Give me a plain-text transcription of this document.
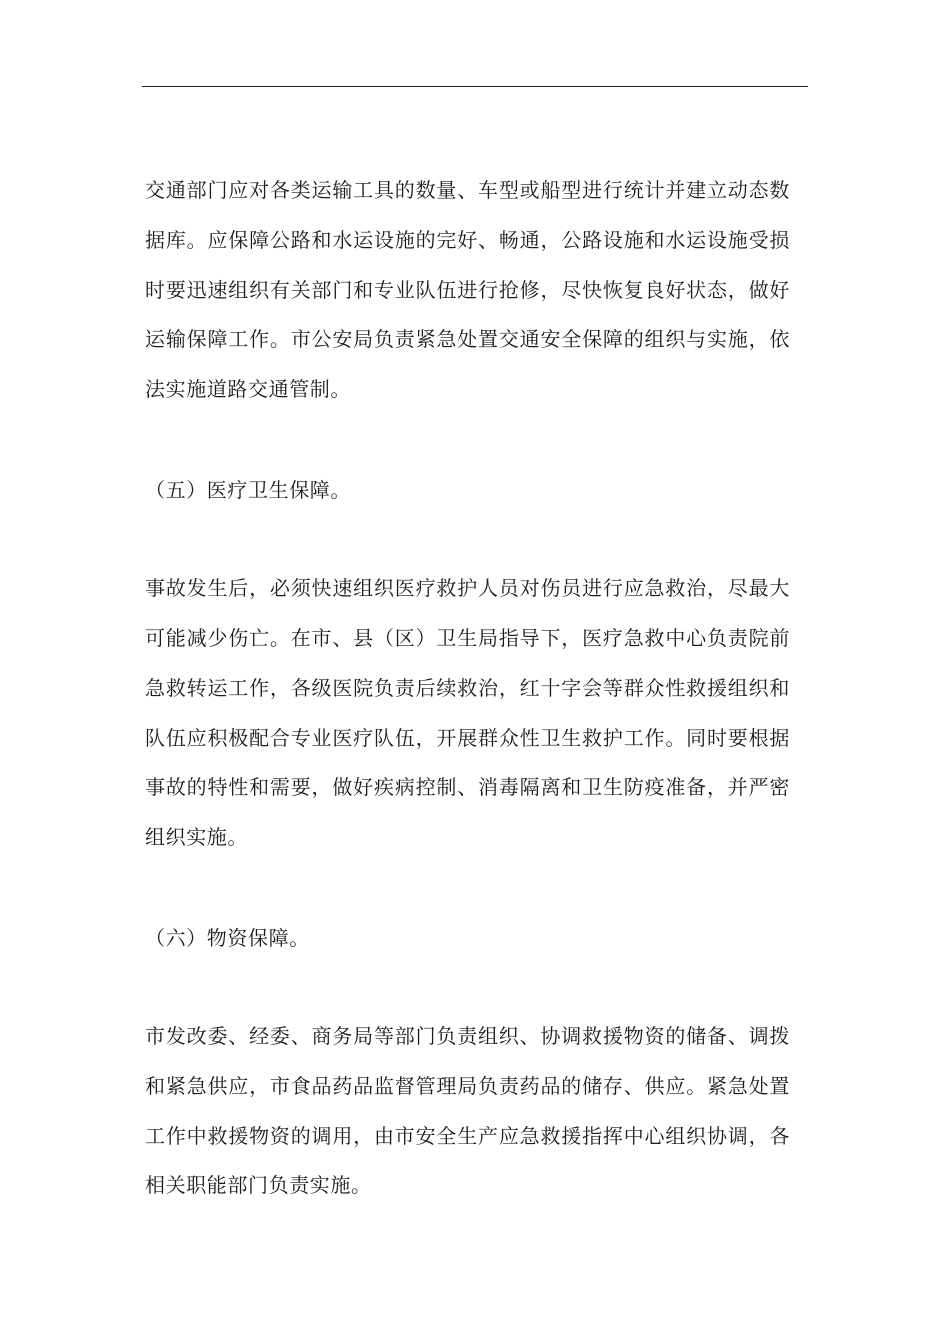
交通部门应对各类运输工具的数量、车型或船型进行统计并建立动态数
据库。应保障公路和水运设施的完好、畅通，公路设施和水运设施受损
时要迅速组织有关部门和专业队伍进行抢修，尽快恢复良好状态，做好
运输保障工作。市公安局负责紧急处置交通安全保障的组织与实施，依
法实施道路交通管制。
（五）医疗卫生保障。
事故发生后，必须快速组织医疗救护人员对伤员进行应急救治，尽最大
可能减少伤亡。在市、县（区）卫生局指导下，医疗急救中心负责院前
急救转运工作，各级医院负责后续救治，红十字会等群众性救援组织和
队伍应积极配合专业医疗队伍，开展群众性卫生救护工作。同时要根据
事故的特性和需要，做好疾病控制、消毒隔离和卫生防疫准备，并严密
组织实施。
（六）物资保障。
市发改委、经委、商务局等部门负责组织、协调救援物资的储备、调拨
和紧急供应，市食品药品监督管理局负责药品的储存、供应。紧急处置
工作中救援物资的调用，由市安全生产应急救援指挥中心组织协调，各
相关职能部门负责实施。
